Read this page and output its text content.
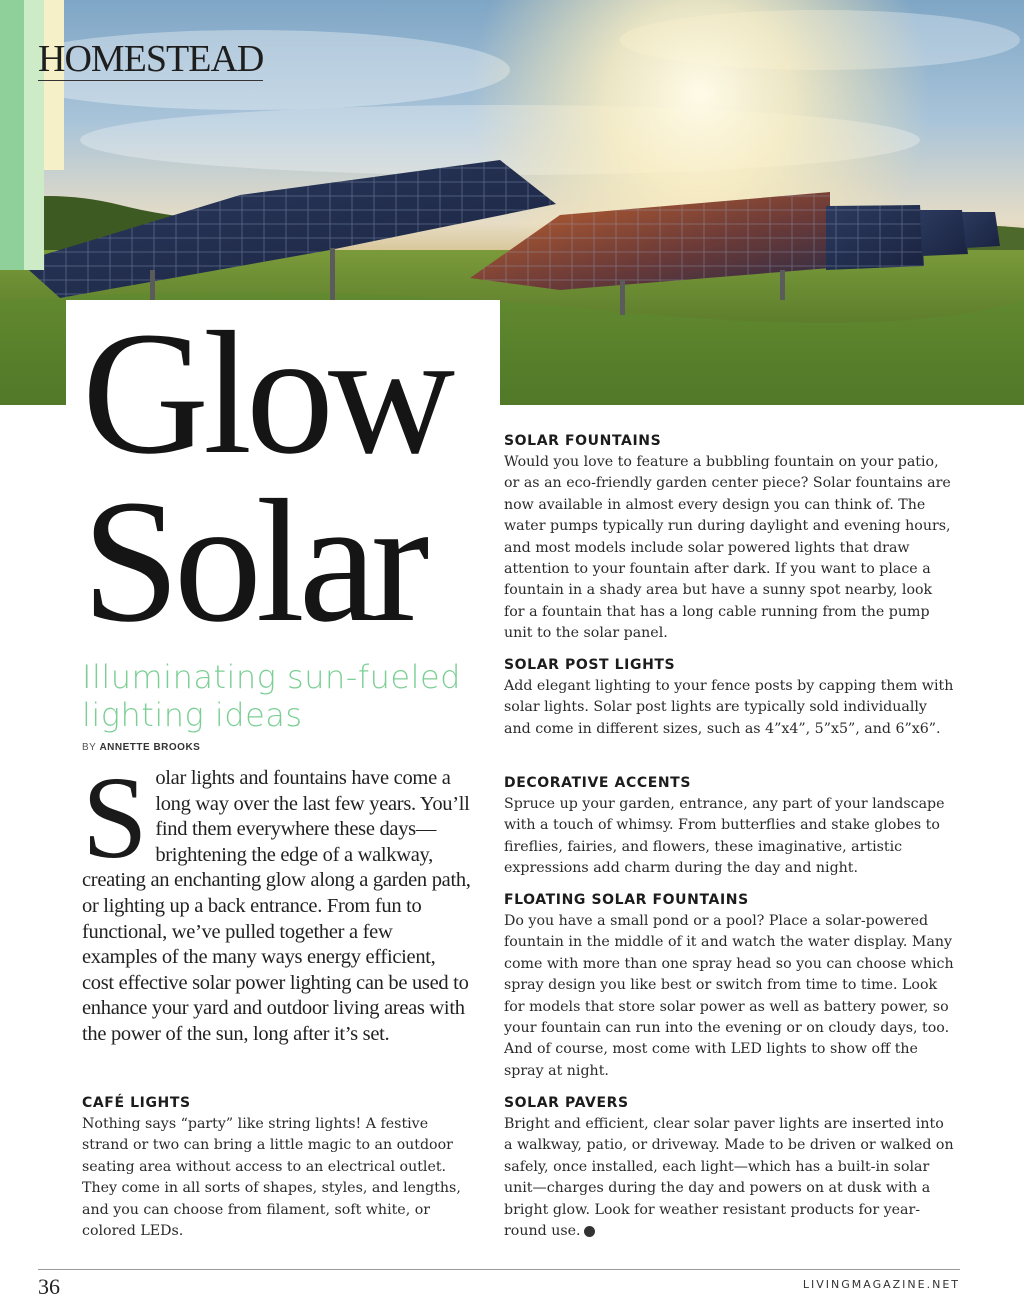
HOMESTEAD
Glow
Solar

Illuminating sun-fueled lighting ideas

BY ANNETTE BROOKS

Solar lights and fountains have come a long way over the last few years. You’ll find them everywhere these days—brightening the edge of a walkway, creating an enchanting glow along a garden path, or lighting up a back entrance. From fun to functional, we’ve pulled together a few examples of the many ways energy efficient, cost effective solar power lighting can be used to enhance your yard and outdoor living areas with the power of the sun, long after it’s set.

CAFÉ LIGHTS

Nothing says “party” like string lights! A festive strand or two can bring a little magic to an outdoor seating area without access to an electrical outlet. They come in all sorts of shapes, styles, and lengths, and you can choose from filament, soft white, or colored LEDs.

SOLAR FOUNTAINS

Would you love to feature a bubbling fountain on your patio, or as an eco-friendly garden center piece? Solar fountains are now available in almost every design you can think of. The water pumps typically run during daylight and evening hours, and most models include solar powered lights that draw attention to your fountain after dark. If you want to place a fountain in a shady area but have a sunny spot nearby, look for a fountain that has a long cable running from the pump unit to the solar panel.

SOLAR POST LIGHTS

Add elegant lighting to your fence posts by capping them with solar lights. Solar post lights are typically sold individually and come in different sizes, such as 4”x4”, 5”x5”, and 6”x6”.

DECORATIVE ACCENTS

Spruce up your garden, entrance, any part of your landscape with a touch of whimsy. From butterflies and stake globes to fireflies, fairies, and flowers, these imaginative, artistic expressions add charm during the day and night.

FLOATING SOLAR FOUNTAINS

Do you have a small pond or a pool? Place a solar-powered fountain in the middle of it and watch the water display. Many come with more than one spray head so you can choose which spray design you like best or switch from time to time. Look for models that store solar power as well as battery power, so your fountain can run into the evening or on cloudy days, too. And of course, most come with LED lights to show off the spray at night.

SOLAR PAVERS

Bright and efficient, clear solar paver lights are inserted into a walkway, patio, or driveway. Made to be driven or walked on safely, once installed, each light—which has a built-in solar unit—charges during the day and powers on at dusk with a bright glow. Look for weather resistant products for year-round use.

36	LIVINGMAGAZINE.NET
